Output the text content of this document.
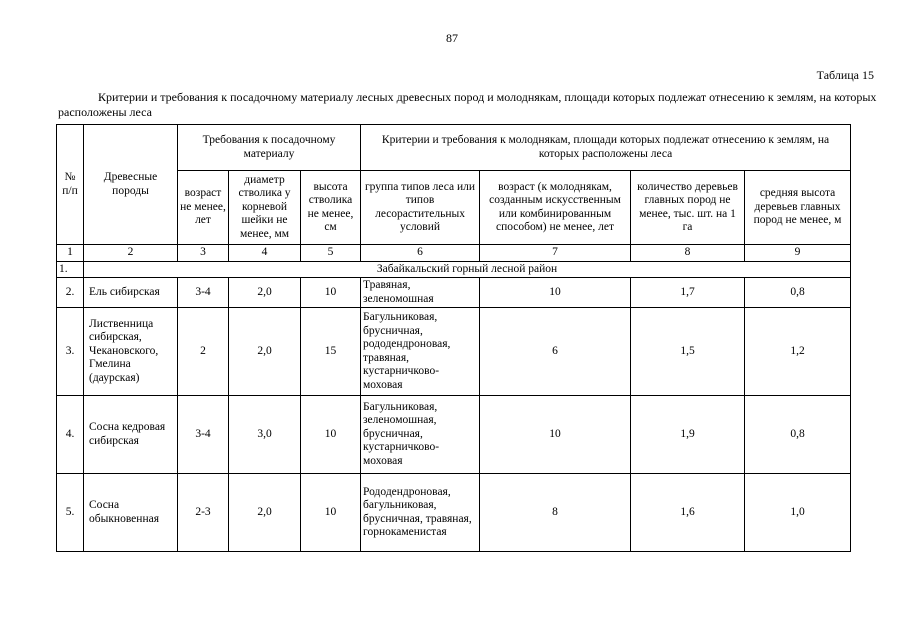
87
Таблица 15
Критерии и требования к посадочному материалу лесных древесных пород и молоднякам, площади которых подлежат отнесению к землям, на которых расположены леса
№ п/п	Древесные породы	Требования к посадочному материалу			Критерии и требования к молоднякам, площади которых подлежат отнесению к землям, на которых расположены леса			
		возраст не менее, лет	диаметр стволика у корневой шейки не менее, мм	высота стволика не менее, см	группа типов леса или типов лесорастительных условий	возраст (к молоднякам, созданным искусственным или комбинированным способом) не менее, лет	количество деревьев главных пород не менее, тыс. шт. на 1 га	средняя высота деревьев главных пород не менее, м
1	2	3	4	5	6	7	8	9
1.	Забайкальский горный лесной район							
2.	Ель сибирская	3-4	2,0	10	Травяная, зеленомошная	10	1,7	0,8
3.	Лиственница сибирская, Чекановского, Гмелина (даурская)	2	2,0	15	Багульниковая, брусничная, рододендроновая, травяная, кустарничково-моховая	6	1,5	1,2
4.	Сосна кедровая сибирская	3-4	3,0	10	Багульниковая, зеленомошная, брусничная, кустарничково-моховая	10	1,9	0,8
5.	Сосна обыкновенная	2-3	2,0	10	Рододендроновая, багульниковая, брусничная, травяная, горнокаменистая	8	1,6	1,0
